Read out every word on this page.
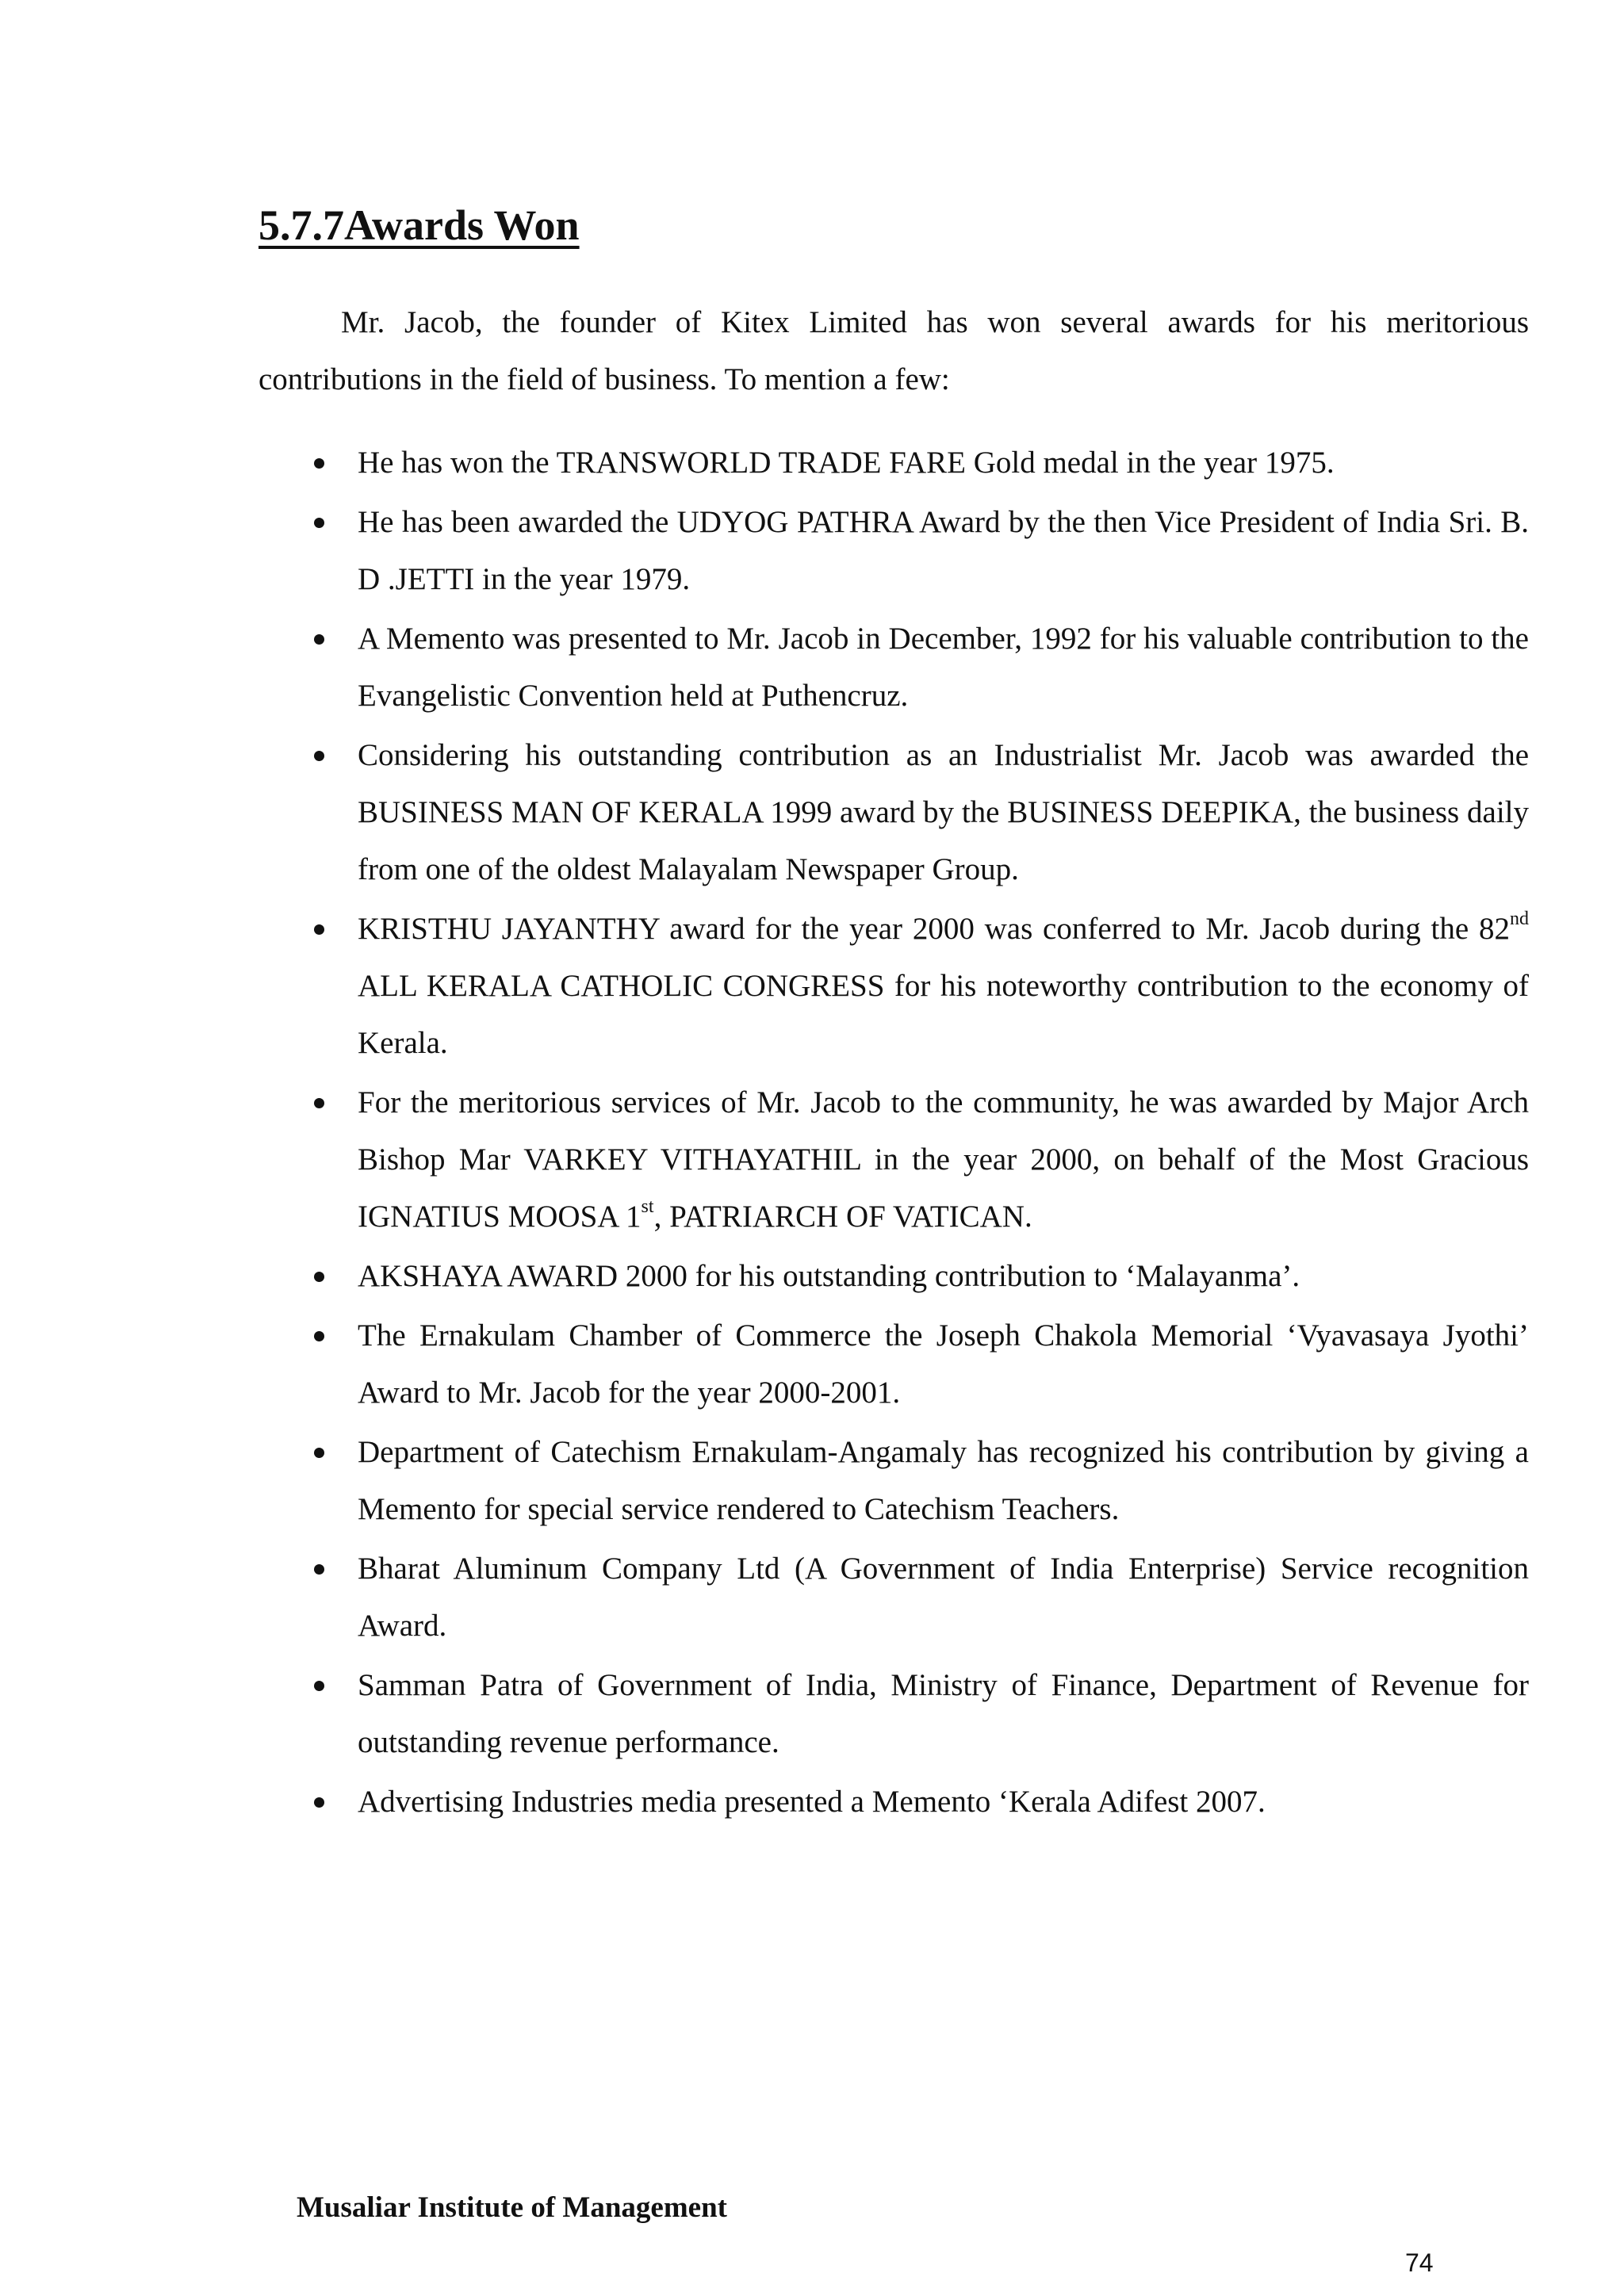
5.7.7Awards Won

Mr. Jacob, the founder of Kitex Limited has won several awards for his meritorious contributions in the field of business. To mention a few:

He has won the TRANSWORLD TRADE FARE Gold medal in the year 1975.
He has been awarded the UDYOG PATHRA Award by the then Vice President of India Sri. B. D .JETTI in the year 1979.
A Memento was presented to Mr. Jacob in December, 1992 for his valuable contribution to the Evangelistic Convention held at Puthencruz.
Considering his outstanding contribution as an Industrialist Mr. Jacob was awarded the BUSINESS MAN OF KERALA 1999 award by the BUSINESS DEEPIKA, the business daily from one of the oldest Malayalam Newspaper Group.
KRISTHU JAYANTHY award for the year 2000 was conferred to Mr. Jacob during the 82nd ALL KERALA CATHOLIC CONGRESS for his noteworthy contribution to the economy of Kerala.
For the meritorious services of Mr. Jacob to the community, he was awarded by Major Arch Bishop Mar VARKEY VITHAYATHIL in the year 2000, on behalf of the Most Gracious IGNATIUS MOOSA 1st, PATRIARCH OF VATICAN.
AKSHAYA AWARD 2000 for his outstanding contribution to ‘Malayanma’.
The Ernakulam Chamber of Commerce the Joseph Chakola Memorial ‘Vyavasaya Jyothi’ Award to Mr. Jacob for the year 2000-2001.
Department of Catechism Ernakulam-Angamaly has recognized his contribution by giving a Memento for special service rendered to Catechism Teachers.
Bharat Aluminum Company Ltd (A Government of India Enterprise) Service recognition Award.
Samman Patra of Government of India, Ministry of Finance, Department of Revenue for outstanding revenue performance.
Advertising Industries media presented a Memento ‘Kerala Adifest 2007.

Musaliar Institute of Management

74
